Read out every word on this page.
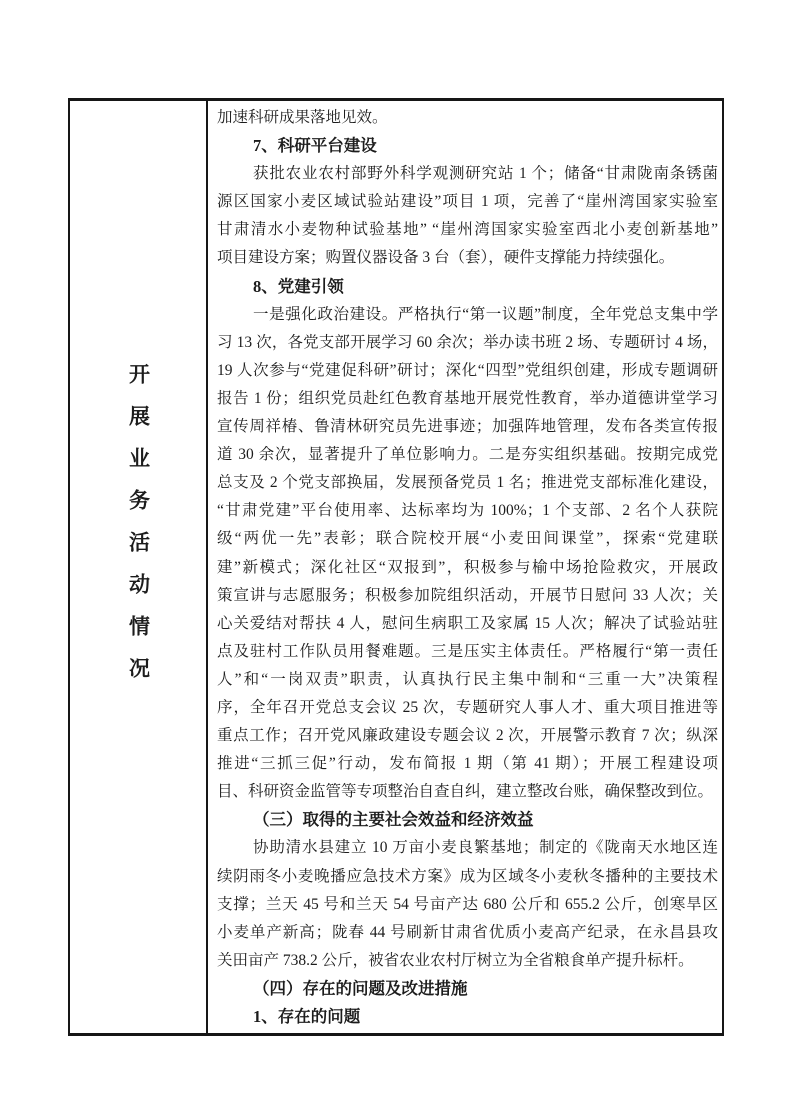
开展业务活动情况
加速科研成果落地见效。
7、科研平台建设
获批农业农村部野外科学观测研究站 1 个；储备“甘肃陇南条锈菌
源区国家小麦区域试验站建设”项目 1 项，完善了“崖州湾国家实验室
甘肃清水小麦物种试验基地” “崖州湾国家实验室西北小麦创新基地”
项目建设方案；购置仪器设备 3 台（套），硬件支撑能力持续强化。
8、党建引领
一是强化政治建设。严格执行“第一议题”制度，全年党总支集中学
习 13 次，各党支部开展学习 60 余次；举办读书班 2 场、专题研讨 4 场，
19 人次参与“党建促科研”研讨；深化“四型”党组织创建，形成专题调研
报告 1 份；组织党员赴红色教育基地开展党性教育，举办道德讲堂学习
宣传周祥椿、鲁清林研究员先进事迹；加强阵地管理，发布各类宣传报
道 30 余次，显著提升了单位影响力。二是夯实组织基础。按期完成党
总支及 2 个党支部换届，发展预备党员 1 名；推进党支部标准化建设，
“甘肃党建”平台使用率、达标率均为 100%；1 个支部、2 名个人获院
级“两优一先”表彰；联合院校开展“小麦田间课堂”，探索“党建联
建”新模式；深化社区“双报到”，积极参与榆中场抢险救灾，开展政
策宣讲与志愿服务；积极参加院组织活动，开展节日慰问 33 人次；关
心关爱结对帮扶 4 人，慰问生病职工及家属 15 人次；解决了试验站驻
点及驻村工作队员用餐难题。三是压实主体责任。严格履行“第一责任
人”和“一岗双责”职责，认真执行民主集中制和“三重一大”决策程
序，全年召开党总支会议 25 次，专题研究人事人才、重大项目推进等
重点工作；召开党风廉政建设专题会议 2 次，开展警示教育 7 次；纵深
推进“三抓三促”行动，发布简报 1 期（第 41 期）；开展工程建设项
目、科研资金监管等专项整治自查自纠，建立整改台账，确保整改到位。
（三）取得的主要社会效益和经济效益
协助清水县建立 10 万亩小麦良繁基地；制定的《陇南天水地区连
续阴雨冬小麦晚播应急技术方案》成为区域冬小麦秋冬播种的主要技术
支撑；兰天 45 号和兰天 54 号亩产达 680 公斤和 655.2 公斤，创寒旱区
小麦单产新高；陇春 44 号刷新甘肃省优质小麦高产纪录，在永昌县攻
关田亩产 738.2 公斤，被省农业农村厅树立为全省粮食单产提升标杆。
（四）存在的问题及改进措施
1、存在的问题
